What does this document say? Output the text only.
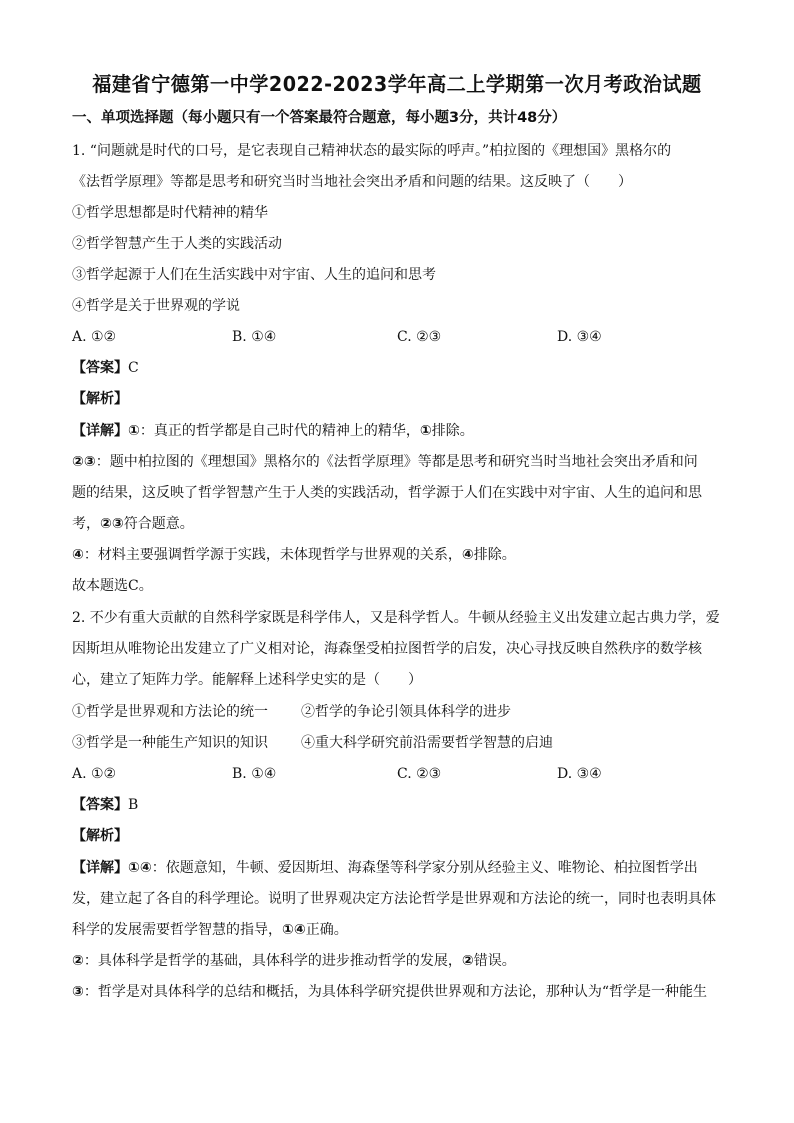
福建省宁德第一中学2022-2023学年高二上学期第一次月考政治试题
一、单项选择题（每小题只有一个答案最符合题意，每小题3分，共计48分）
1. “问题就是时代的口号，是它表现自己精神状态的最实际的呼声。”柏拉图的《理想国》黑格尔的
《法哲学原理》等都是思考和研究当时当地社会突出矛盾和问题的结果。这反映了（　　）
①哲学思想都是时代精神的精华
②哲学智慧产生于人类的实践活动
③哲学起源于人们在生活实践中对宇宙、人生的追问和思考
④哲学是关于世界观的学说
A. ①②	B. ①④	C. ②③	D. ③④
【答案】C
【解析】
【详解】①：真正的哲学都是自己时代的精神上的精华，①排除。
②③：题中柏拉图的《理想国》黑格尔的《法哲学原理》等都是思考和研究当时当地社会突出矛盾和问
题的结果，这反映了哲学智慧产生于人类的实践活动，哲学源于人们在实践中对宇宙、人生的追问和思
考，②③符合题意。
④：材料主要强调哲学源于实践，未体现哲学与世界观的关系，④排除。
故本题选C。
2. 不少有重大贡献的自然科学家既是科学伟人，又是科学哲人。牛顿从经验主义出发建立起古典力学，爱
因斯坦从唯物论出发建立了广义相对论，海森堡受柏拉图哲学的启发，决心寻找反映自然秩序的数学核
心，建立了矩阵力学。能解释上述科学史实的是（　　）
①哲学是世界观和方法论的统一 ②哲学的争论引领具体科学的进步
③哲学是一种能生产知识的知识 ④重大科学研究前沿需要哲学智慧的启迪
A. ①②	B. ①④	C. ②③	D. ③④
【答案】B
【解析】
【详解】①④：依题意知，牛顿、爱因斯坦、海森堡等科学家分别从经验主义、唯物论、柏拉图哲学出
发，建立起了各自的科学理论。说明了世界观决定方法论哲学是世界观和方法论的统一，同时也表明具体
科学的发展需要哲学智慧的指导，①④正确。
②：具体科学是哲学的基础，具体科学的进步推动哲学的发展，②错误。
③：哲学是对具体科学的总结和概括，为具体科学研究提供世界观和方法论，那种认为“哲学是一种能生
